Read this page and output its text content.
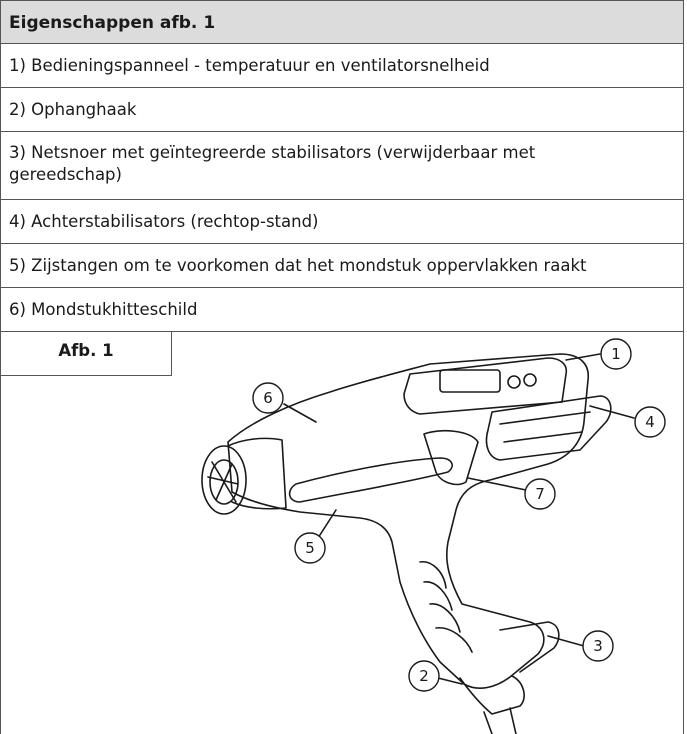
Eigenschappen afb. 1
1) Bedieningspanneel - temperatuur en ventilatorsnelheid
2) Ophanghaak
3) Netsnoer met geïntegreerde stabilisators (verwijderbaar met gereedschap)
4) Achterstabilisators (rechtop-stand)
5) Zijstangen om te voorkomen dat het mondstuk oppervlakken raakt
6) Mondstukhitteschild
1
2
3
4
5
6
7
Afb. 1
